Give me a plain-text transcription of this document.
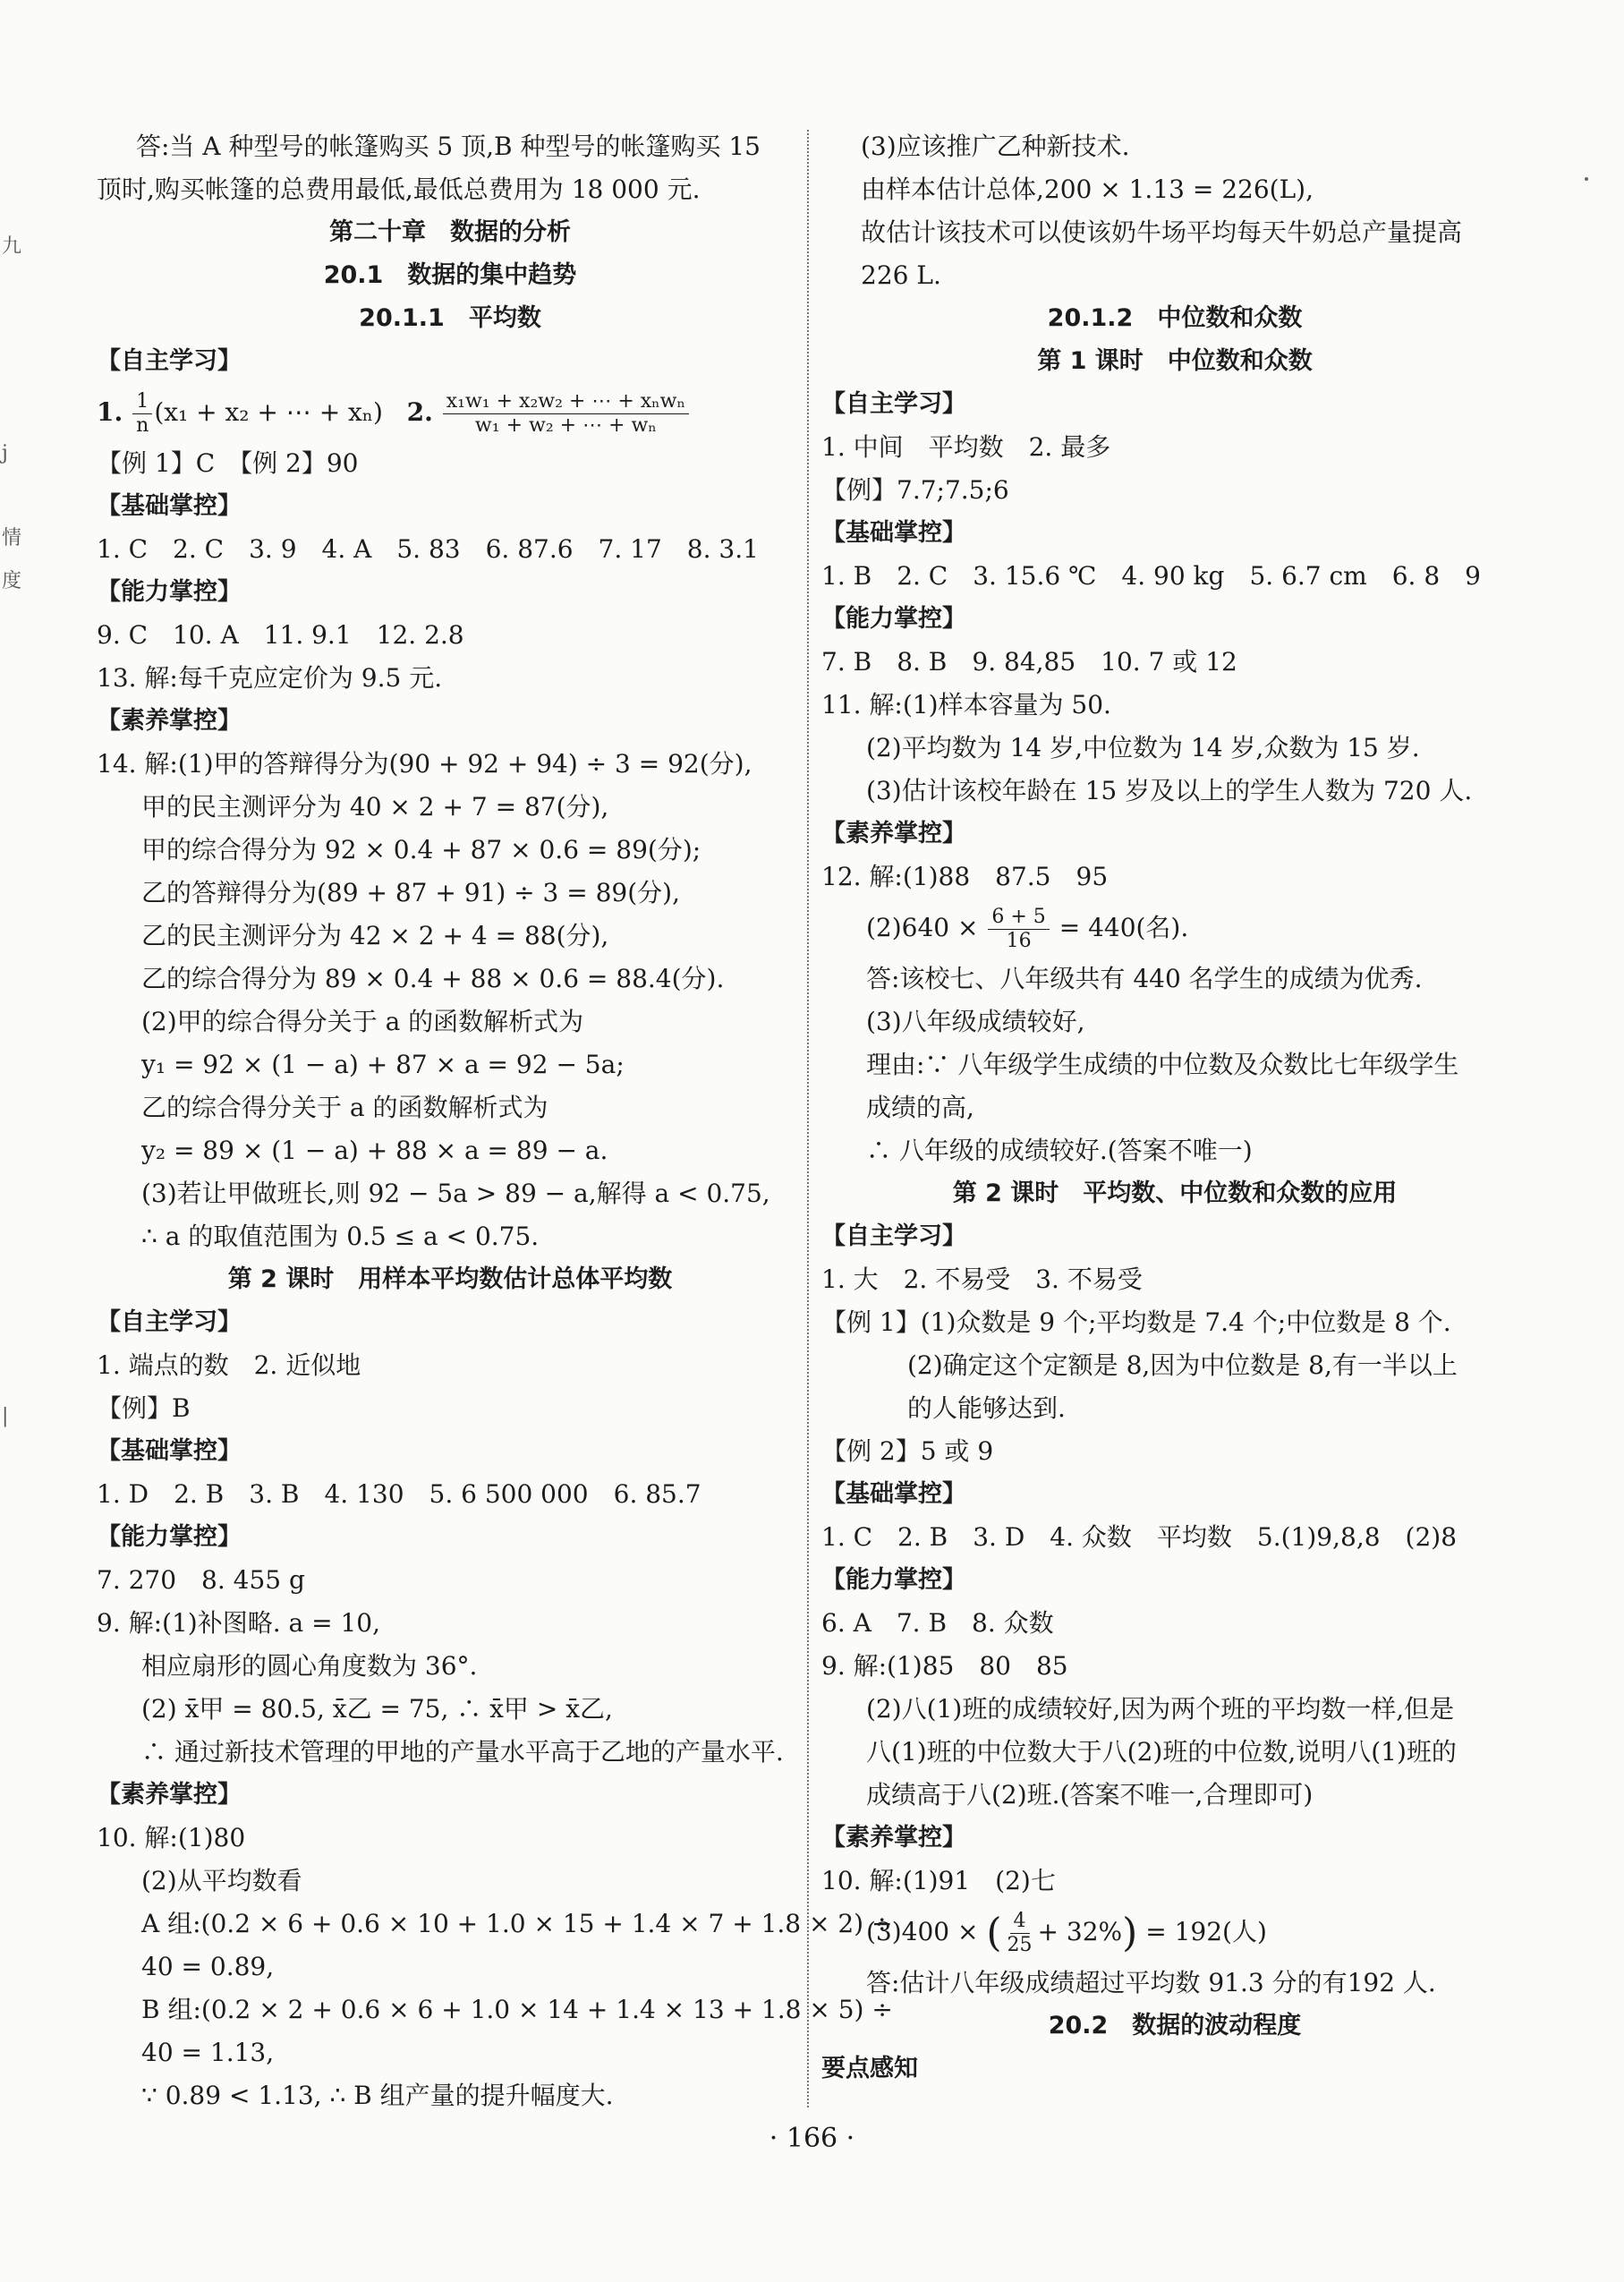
九
j
情
度
|
答:当 A 种型号的帐篷购买 5 顶,B 种型号的帐篷购买 15
顶时,购买帐篷的总费用最低,最低总费用为 18 000 元.
第二十章　数据的分析
20.1　数据的集中趋势
20.1.1　平均数
【自主学习】
1. $\frac{1}{n} (x_1 + x_2$ + ⋯ + xₙ) 2. $\frac{\text{x₁w₁ + x₂w₂ + ⋯ + xₙwₙ}}{\text{w₁ + w₂ + ⋯ + wₙ}}$
【例 1】C　【例 2】90
【基础掌控】
1. C　2. C　3. 9　4. A　5. 83　6. 87.6　7. 17　8. 3.1
【能力掌控】
9. C　10. A　11. 9.1　12. 2.8
13. 解:每千克应定价为 9.5 元.
【素养掌控】
14. 解:(1)甲的答辩得分为(90 + 92 + 94) ÷ 3 = 92(分),
甲的民主测评分为 40 × 2 + 7 = 87(分),
甲的综合得分为 92 × 0.4 + 87 × 0.6 = 89(分);
乙的答辩得分为(89 + 87 + 91) ÷ 3 = 89(分),
乙的民主测评分为 42 × 2 + 4 = 88(分),
乙的综合得分为 89 × 0.4 + 88 × 0.6 = 88.4(分).
(2)甲的综合得分关于 a 的函数解析式为
y₁ = 92 × (1 − a) + 87 × a = 92 − 5a;
乙的综合得分关于 a 的函数解析式为
y₂ = 89 × (1 − a) + 88 × a = 89 − a.
(3)若让甲做班长,则 92 − 5a > 89 − a,解得 a < 0.75,
∴ a 的取值范围为 0.5 ≤ a < 0.75.
第 2 课时　用样本平均数估计总体平均数
【自主学习】
1. 端点的数　2. 近似地
【例】B
【基础掌控】
1. D　2. B　3. B　4. 130　5. 6 500 000　6. 85.7
【能力掌控】
7. 270　8. 455 g
9. 解:(1)补图略. a = 10,
相应扇形的圆心角度数为 36°.
(2) x̄甲 = 80.5, x̄乙 = 75, ∴ x̄甲 > x̄乙,
∴ 通过新技术管理的甲地的产量水平高于乙地的产量水平.
【素养掌控】
10. 解:(1)80
(2)从平均数看
A 组:(0.2 × 6 + 0.6 × 10 + 1.0 × 15 + 1.4 × 7 + 1.8 × 2) ÷
40 = 0.89,
B 组:(0.2 × 2 + 0.6 × 6 + 1.0 × 14 + 1.4 × 13 + 1.8 × 5) ÷
40 = 1.13,
∵ 0.89 < 1.13, ∴ B 组产量的提升幅度大.
(3)应该推广乙种新技术.
由样本估计总体,200 × 1.13 = 226(L),
故估计该技术可以使该奶牛场平均每天牛奶总产量提高
226 L.
20.1.2　中位数和众数
第 1 课时　中位数和众数
【自主学习】
1. 中间　平均数　2. 最多
【例】7.7;7.5;6
【基础掌控】
1. B　2. C　3. 15.6 ℃　4. 90 kg　5. 6.7 cm　6. 8　9
【能力掌控】
7. B　8. B　9. 84,85　10. 7 或 12
11. 解:(1)样本容量为 50.
(2)平均数为 14 岁,中位数为 14 岁,众数为 15 岁.
(3)估计该校年龄在 15 岁及以上的学生人数为 720 人.
【素养掌控】
12. 解:(1)88　87.5　95
$(2)640 \times \frac{6 + 5}{16} = 440$(名).
答:该校七、八年级共有 440 名学生的成绩为优秀.
(3)八年级成绩较好,
理由:∵ 八年级学生成绩的中位数及众数比七年级学生
成绩的高,
∴ 八年级的成绩较好.(答案不唯一)
第 2 课时　平均数、中位数和众数的应用
【自主学习】
1. 大　2. 不易受　3. 不易受
【例 1】(1)众数是 9 个;平均数是 7.4 个;中位数是 8 个.
(2)确定这个定额是 8,因为中位数是 8,有一半以上
的人能够达到.
【例 2】5 或 9
【基础掌控】
1. C　2. B　3. D　4. 众数　平均数　5.(1)9,8,8　(2)8
【能力掌控】
6. A　7. B　8. 众数
9. 解:(1)85　80　85
(2)八(1)班的成绩较好,因为两个班的平均数一样,但是
八(1)班的中位数大于八(2)班的中位数,说明八(1)班的
成绩高于八(2)班.(答案不唯一,合理即可)
【素养掌控】
10. 解:(1)91　(2)七
(3)400 × ( $\frac{4}{25} + 32\%) = 192$(人)
答:估计八年级成绩超过平均数 91.3 分的有192 人.
20.2　数据的波动程度
要点感知
· 166 ·
